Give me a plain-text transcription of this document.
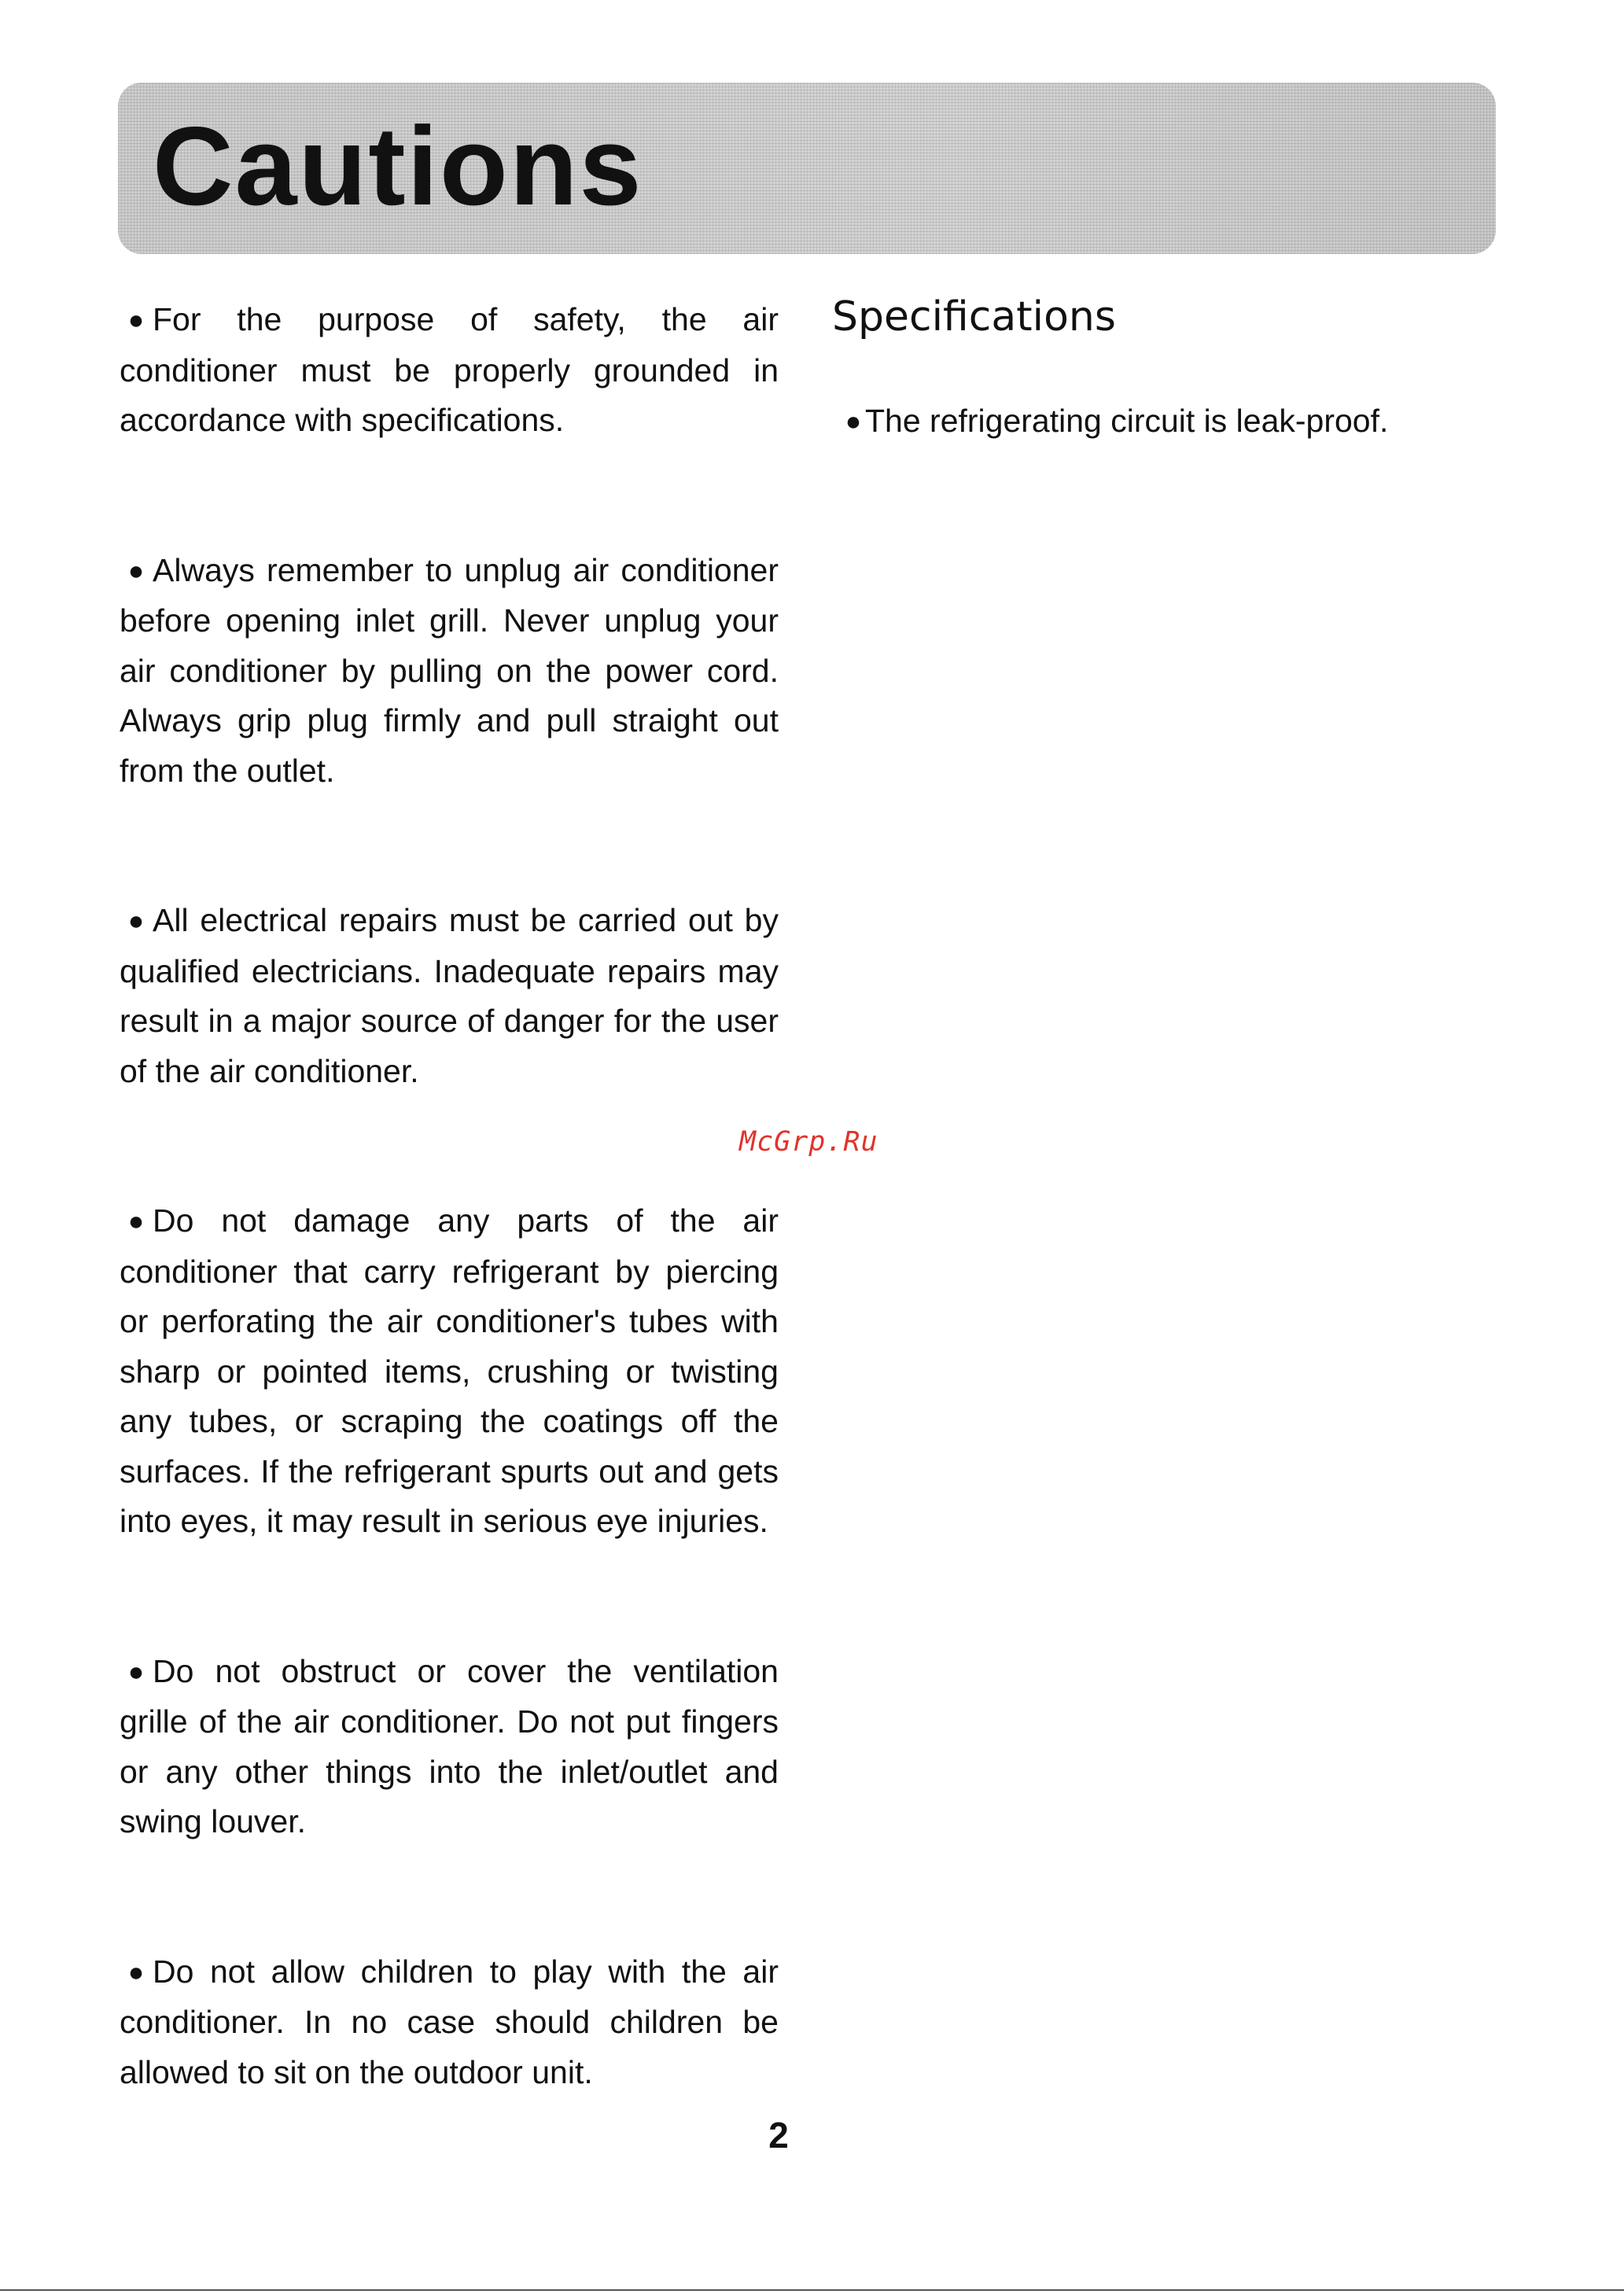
Cautions

● For the purpose of safety, the air conditioner must be properly grounded in accordance with specifications.

● Always remember to unplug air conditioner before opening inlet grill. Never unplug your air conditioner by pulling on the power cord. Always grip plug firmly and pull straight out from the outlet.

● All electrical repairs must be carried out by qualified electricians. Inadequate repairs may result in a major source of danger for the user of the air conditioner.

● Do not damage any parts of the air conditioner that carry refrigerant by piercing or perforating the air conditioner's tubes with sharp or pointed items, crushing or twisting any tubes, or scraping the coatings off the surfaces. If the refrigerant spurts out and gets into eyes, it may result in serious eye injuries.

● Do not obstruct or cover the ventilation grille of the air conditioner. Do not put fingers or any other things into the inlet/outlet and swing louver.

● Do not allow children to play with the air conditioner. In no case should children be allowed to sit on the outdoor unit.

Specifications
● The refrigerating circuit is leak-proof.
McGrp.Ru
2
